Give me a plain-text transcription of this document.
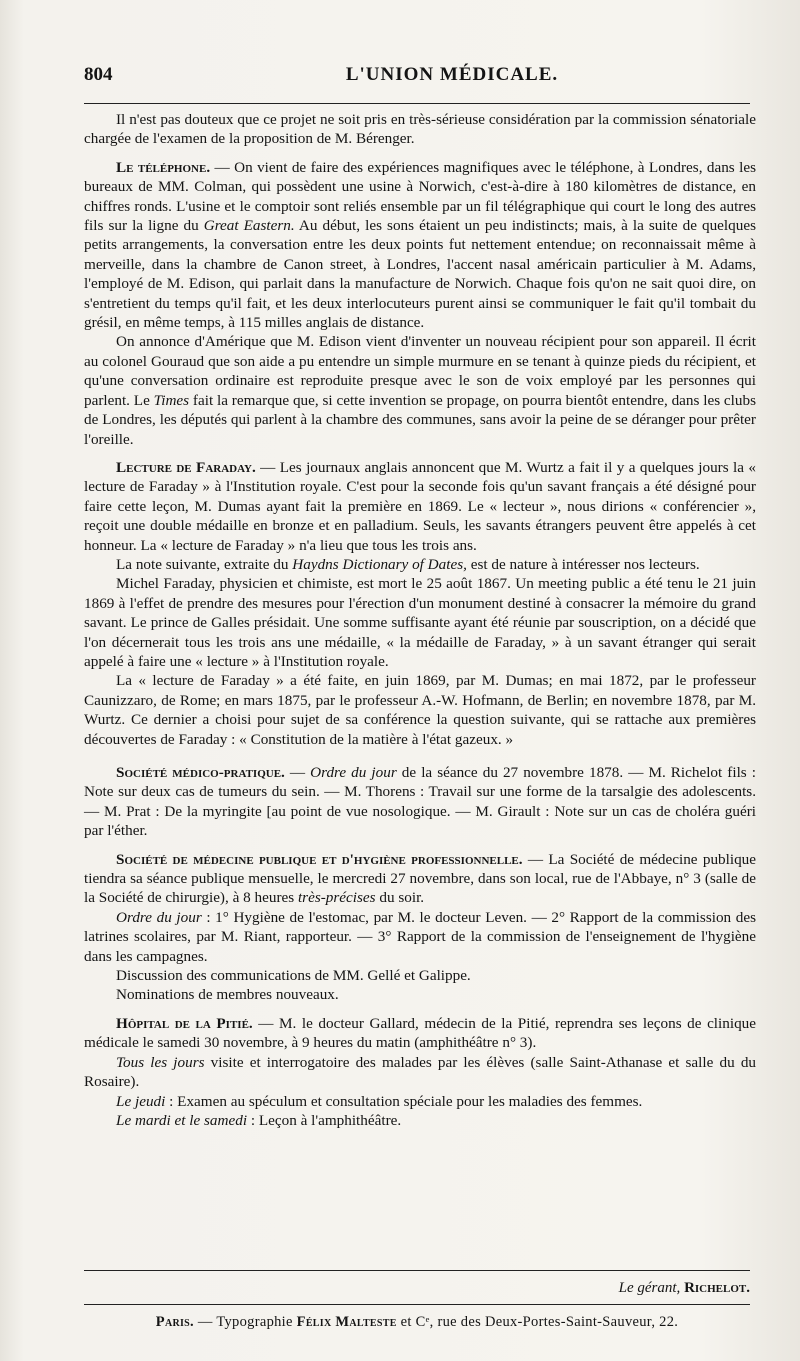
804	L'UNION MÉDICALE.

Il n'est pas douteux que ce projet ne soit pris en très-sérieuse considération par la commission sénatoriale chargée de l'examen de la proposition de M. Bérenger.

Le téléphone. — On vient de faire des expériences magnifiques avec le téléphone, à Londres, dans les bureaux de MM. Colman, qui possèdent une usine à Norwich, c'est-à-dire à 180 kilomètres de distance, en chiffres ronds. L'usine et le comptoir sont reliés ensemble par un fil télégraphique qui court le long des autres fils sur la ligne du Great Eastern. Au début, les sons étaient un peu indistincts; mais, à la suite de quelques petits arrangements, la conversation entre les deux points fut nettement entendue; on reconnaissait même à merveille, dans la chambre de Canon street, à Londres, l'accent nasal américain particulier à M. Adams, l'employé de M. Edison, qui parlait dans la manufacture de Norwich. Chaque fois qu'on ne sait quoi dire, on s'entretient du temps qu'il fait, et les deux interlocuteurs purent ainsi se communiquer le fait qu'il tombait du grésil, en même temps, à 115 milles anglais de distance.

On annonce d'Amérique que M. Edison vient d'inventer un nouveau récipient pour son appareil. Il écrit au colonel Gouraud que son aide a pu entendre un simple murmure en se tenant à quinze pieds du récipient, et qu'une conversation ordinaire est reproduite presque avec le son de voix employé par les personnes qui parlent. Le Times fait la remarque que, si cette invention se propage, on pourra bientôt entendre, dans les clubs de Londres, les députés qui parlent à la chambre des communes, sans avoir la peine de se déranger pour prêter l'oreille.

Lecture de Faraday. — Les journaux anglais annoncent que M. Wurtz a fait il y a quelques jours la « lecture de Faraday » à l'Institution royale. C'est pour la seconde fois qu'un savant français a été désigné pour faire cette leçon, M. Dumas ayant fait la première en 1869. Le « lecteur », nous dirions « conférencier », reçoit une double médaille en bronze et en palladium. Seuls, les savants étrangers peuvent être appelés à cet honneur. La « lecture de Faraday » n'a lieu que tous les trois ans.

La note suivante, extraite du Haydns Dictionary of Dates, est de nature à intéresser nos lecteurs.

Michel Faraday, physicien et chimiste, est mort le 25 août 1867. Un meeting public a été tenu le 21 juin 1869 à l'effet de prendre des mesures pour l'érection d'un monument destiné à consacrer la mémoire du grand savant. Le prince de Galles présidait. Une somme suffisante ayant été réunie par souscription, on a décidé que l'on décernerait tous les trois ans une médaille, « la médaille de Faraday, » à un savant étranger qui serait appelé à faire une « lecture » à l'Institution royale.

La « lecture de Faraday » a été faite, en juin 1869, par M. Dumas; en mai 1872, par le professeur Caunizzaro, de Rome; en mars 1875, par le professeur A.-W. Hofmann, de Berlin; en novembre 1878, par M. Wurtz. Ce dernier a choisi pour sujet de sa conférence la question suivante, qui se rattache aux premières découvertes de Faraday : « Constitution de la matière à l'état gazeux. »

Société médico-pratique. — Ordre du jour de la séance du 27 novembre 1878. — M. Richelot fils : Note sur deux cas de tumeurs du sein. — M. Thorens : Travail sur une forme de la tarsalgie des adolescents. — M. Prat : De la myringite [au point de vue nosologique. — M. Girault : Note sur un cas de choléra guéri par l'éther.

Société de médecine publique et d'hygiène professionnelle. — La Société de médecine publique tiendra sa séance publique mensuelle, le mercredi 27 novembre, dans son local, rue de l'Abbaye, n° 3 (salle de la Société de chirurgie), à 8 heures très-précises du soir.

Ordre du jour : 1° Hygiène de l'estomac, par M. le docteur Leven. — 2° Rapport de la commission des latrines scolaires, par M. Riant, rapporteur. — 3° Rapport de la commission de l'enseignement de l'hygiène dans les campagnes.

Discussion des communications de MM. Gellé et Galippe.

Nominations de membres nouveaux.

Hôpital de la Pitié. — M. le docteur Gallard, médecin de la Pitié, reprendra ses leçons de clinique médicale le samedi 30 novembre, à 9 heures du matin (amphithéâtre n° 3).

Tous les jours visite et interrogatoire des malades par les élèves (salle Saint-Athanase et salle du du Rosaire).

Le jeudi : Examen au spéculum et consultation spéciale pour les maladies des femmes.

Le mardi et le samedi : Leçon à l'amphithéâtre.

Le gérant, Richelot.
Paris. — Typographie Félix Malteste et Cᵉ, rue des Deux-Portes-Saint-Sauveur, 22.
